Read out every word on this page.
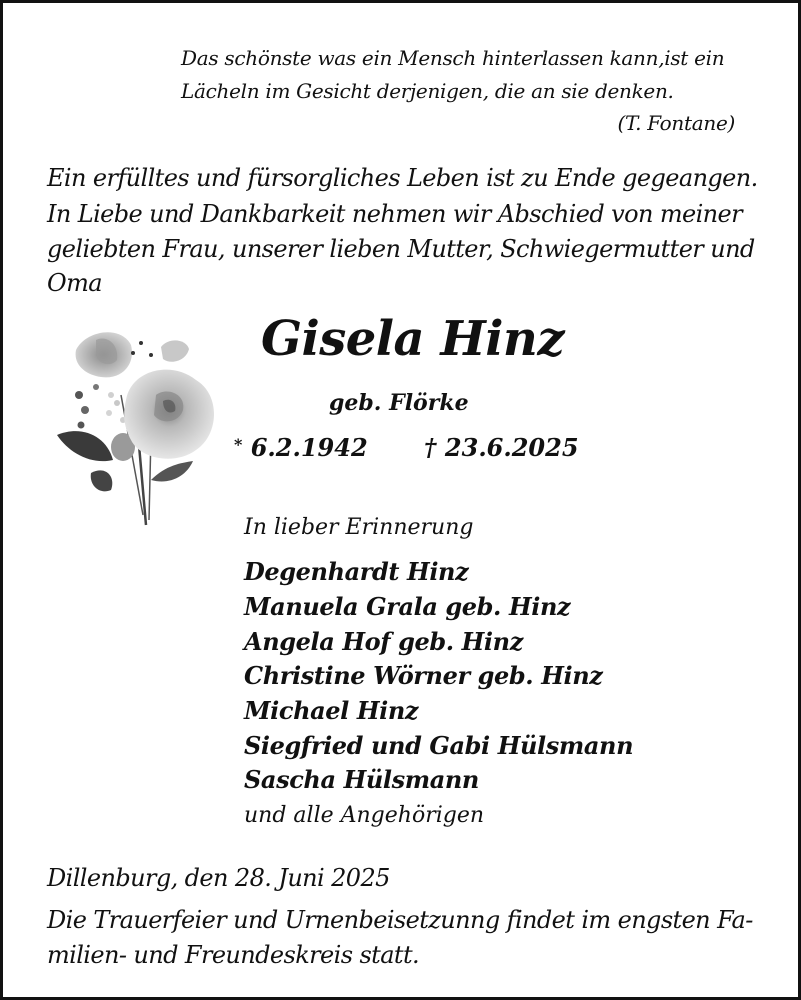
Das schönste was ein Mensch hinterlassen kann,ist ein
Lächeln im Gesicht derjenigen, die an sie denken.
(T. Fontane)
Ein erfülltes und fürsorgliches Leben ist zu Ende gegeangen.
In Liebe und Dankbarkeit nehmen wir Abschied von meiner
geliebten Frau, unserer lieben Mutter, Schwiegermutter und
Oma
Gisela Hinz
geb. Flörke
* 6.2.1942 † 23.6.2025
In lieber Erinnerung
Degenhardt Hinz
Manuela Grala geb. Hinz
Angela Hof geb. Hinz
Christine Wörner geb. Hinz
Michael Hinz
Siegfried und Gabi Hülsmann
Sascha Hülsmann
und alle Angehörigen
Dillenburg, den 28. Juni 2025
Die Trauerfeier und Urnenbeisetzunng findet im engsten Fa-
milien- und Freundeskreis statt.
